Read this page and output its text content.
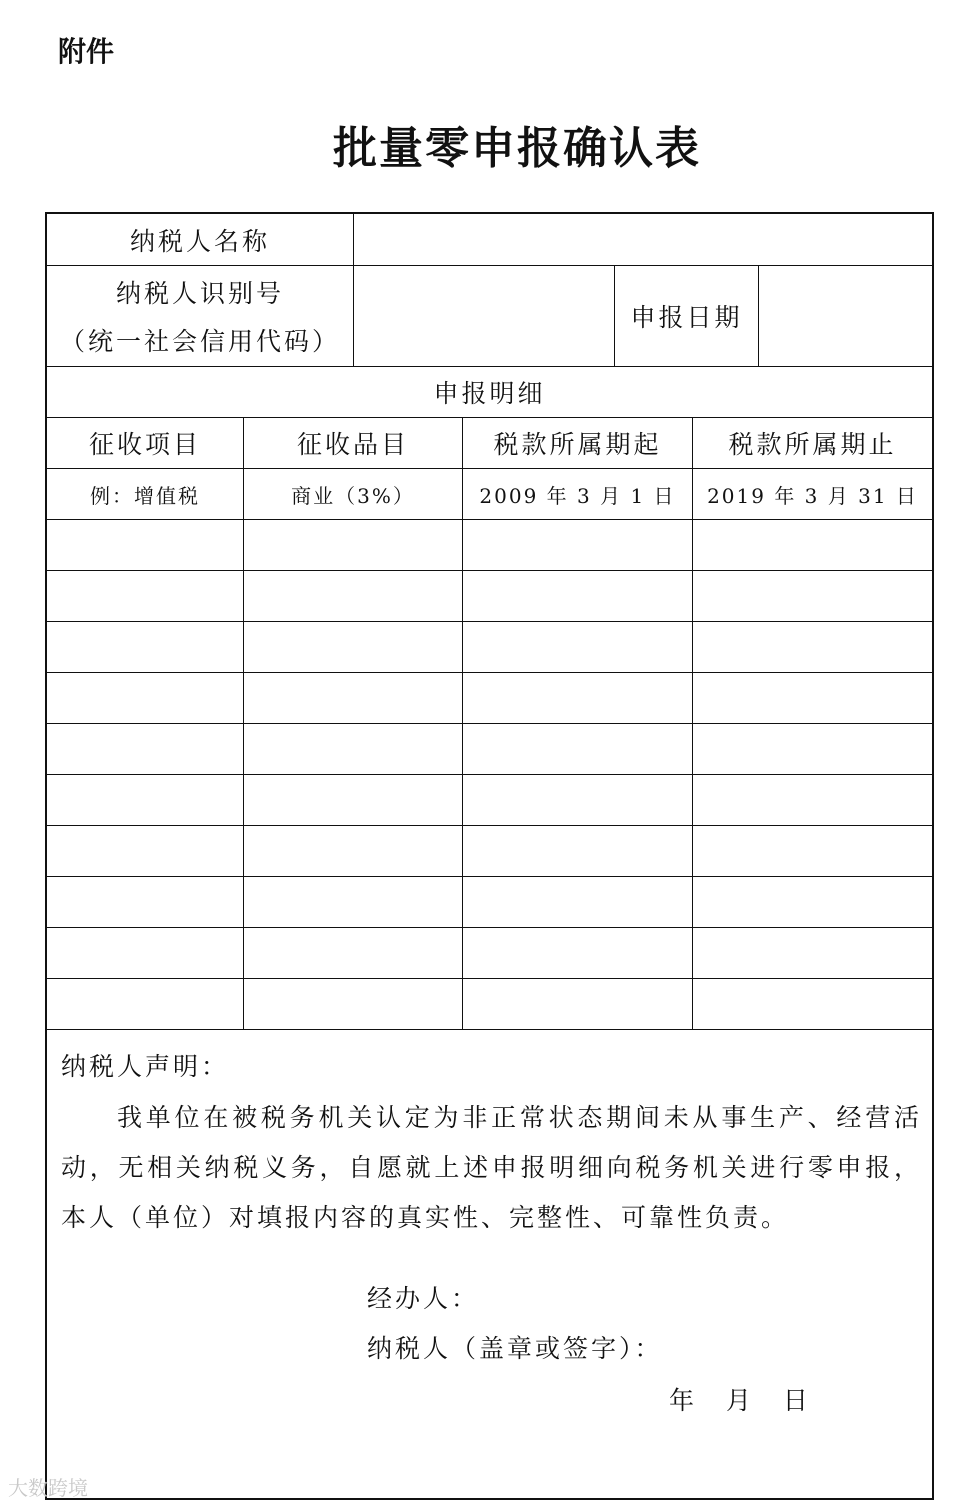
附件
批量零申报确认表
纳税人名称
纳税人识别号
（统一社会信用代码）
申报日期
申报明细
征收项目	征收品目	税款所属期起	税款所属期止
例：增值税	商业（3%）	2009 年 3 月 1 日	2019 年 3 月 31 日
纳税人声明：
我单位在被税务机关认定为非正常状态期间未从事生产、经营活动，无相关纳税义务，自愿就上述申报明细向税务机关进行零申报，本人（单位）对填报内容的真实性、完整性、可靠性负责。
经办人：
纳税人（盖章或签字）：
年 月 日
大数跨境
